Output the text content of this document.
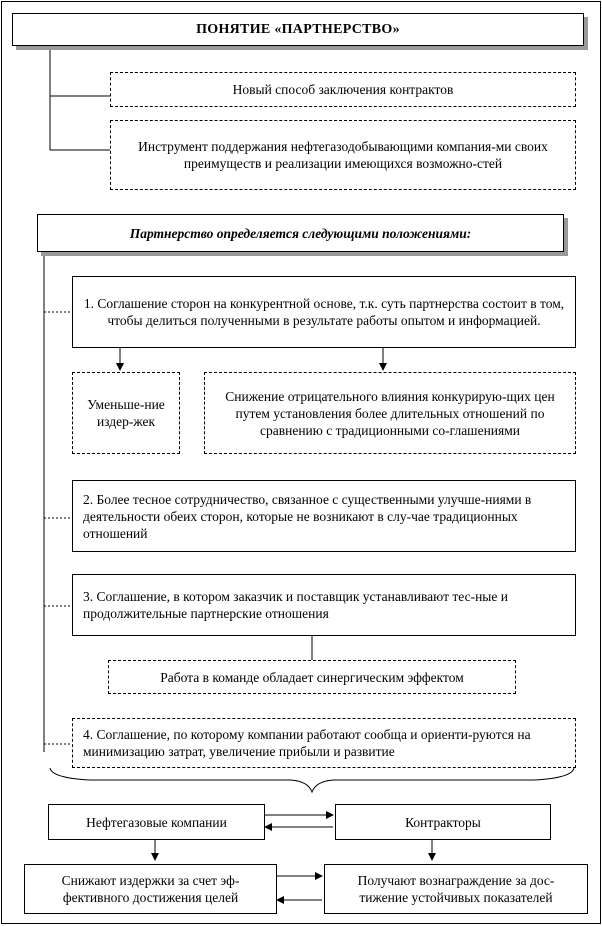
ПОНЯТИЕ «ПАРТНЕРСТВО»
Новый способ заключения контрактов
Инструмент поддержания нефтегазодобывающими компания-ми своих преимуществ и реализации имеющихся возможно-стей
Партнерство определяется следующими положениями:
1. Соглашение сторон на конкурентной основе, т.к. суть партнерства состоит в том, чтобы делиться полученными в результате работы опытом и информацией.
Уменьше-ние издер-жек
Снижение отрицательного влияния конкурирую-щих цен путем установления более длительных отношений по сравнению с традиционными со-глашениями
2. Более тесное сотрудничество, связанное с существенными улучше-ниями в деятельности обеих сторон, которые не возникают в слу-чае традиционных отношений
3. Соглашение, в котором заказчик и поставщик устанавливают тес-ные и продолжительные партнерские отношения
Работа в команде обладает синергическим эффектом
4. Соглашение, по которому компании работают сообща и ориенти-руются на минимизацию затрат, увеличение прибыли и развитие
Нефтегазовые компании	Контракторы
Снижают издержки за счет эф-фективного достижения целей
Получают вознаграждение за дос-тижение устойчивых показателей
